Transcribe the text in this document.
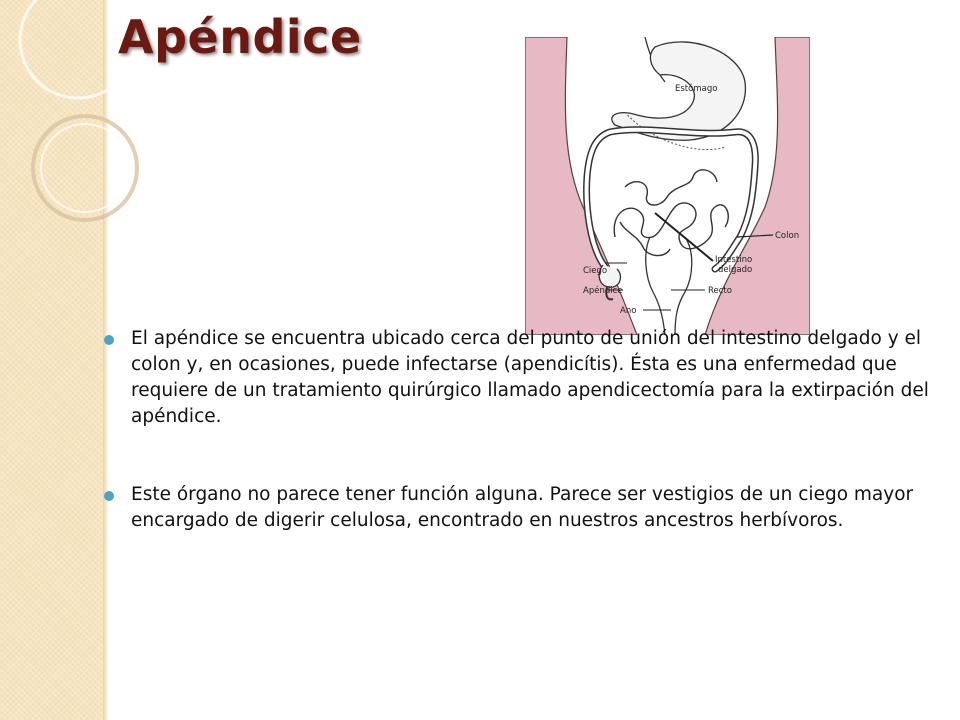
Apéndice
Estómago
Colon
Intestino
delgado
Ciego
Apéndice	Recto
Ano
El apéndice se encuentra ubicado cerca del punto de unión del intestino delgado y el colon y, en ocasiones, puede infectarse (apendicítis). Ésta es una enfermedad que requiere de un tratamiento quirúrgico llamado apendicectomía para la extirpación del apéndice.
Este órgano no parece tener función alguna. Parece ser vestigios de un ciego mayor encargado de digerir celulosa, encontrado en nuestros ancestros herbívoros.
